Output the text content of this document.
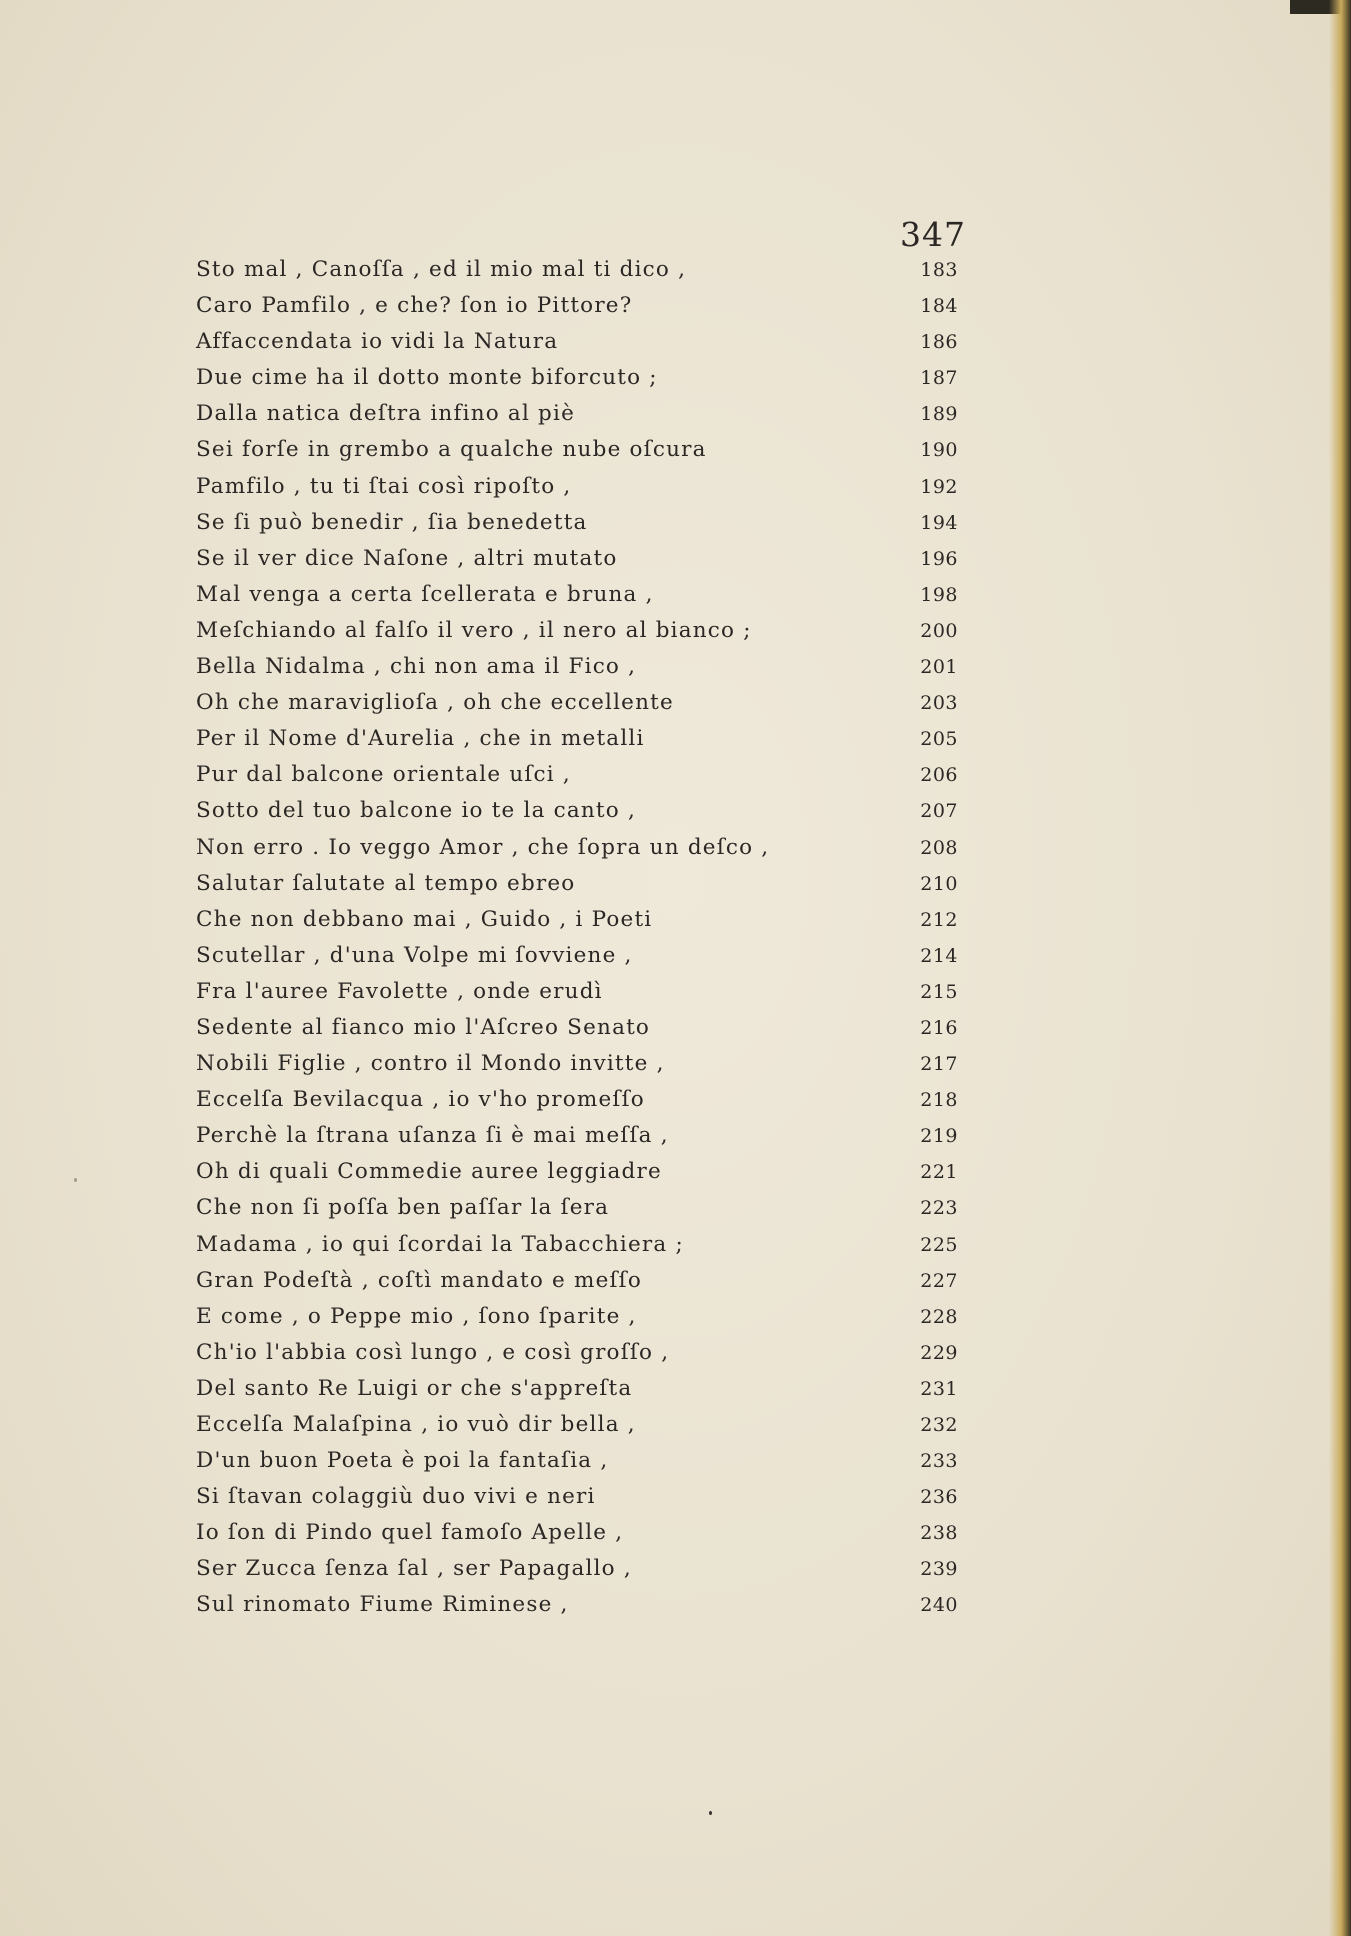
347
Sto mal , Canoſſa , ed il mio mal ti dico ,	183
Caro Pamfilo , e che? ſon io Pittore?	184
Affaccendata io vidi la Natura	186
Due cime ha il dotto monte biforcuto ;	187
Dalla natica deſtra infino al piè	189
Sei forſe in grembo a qualche nube oſcura	190
Pamfilo , tu ti ſtai così ripoſto ,	192
Se ſi può benedir , ſia benedetta	194
Se il ver dice Naſone , altri mutato	196
Mal venga a certa ſcellerata e bruna ,	198
Meſchiando al falſo il vero , il nero al bianco ;	200
Bella Nidalma , chi non ama il Fico ,	201
Oh che maraviglioſa , oh che eccellente	203
Per il Nome d'Aurelia , che in metalli	205
Pur dal balcone orientale uſci ,	206
Sotto del tuo balcone io te la canto ,	207
Non erro . Io veggo Amor , che ſopra un deſco ,	208
Salutar ſalutate al tempo ebreo	210
Che non debbano mai , Guido , i Poeti	212
Scutellar , d'una Volpe mi ſovviene ,	214
Fra l'auree Favolette , onde erudì	215
Sedente al fianco mio l'Aſcreo Senato	216
Nobili Figlie , contro il Mondo invitte ,	217
Eccelſa Bevilacqua , io v'ho promeſſo	218
Perchè la ſtrana uſanza ſi è mai meſſa ,	219
Oh di quali Commedie auree leggiadre	221
Che non ſi poſſa ben paſſar la ſera	223
Madama , io qui ſcordai la Tabacchiera ;	225
Gran Podeſtà , coſtì mandato e meſſo	227
E come , o Peppe mio , ſono ſparite ,	228
Ch'io l'abbia così lungo , e così groſſo ,	229
Del santo Re Luigi or che s'appreſta	231
Eccelſa Malaſpina , io vuò dir bella ,	232
D'un buon Poeta è poi la fantaſia ,	233
Si ſtavan colaggiù duo vivi e neri	236
Io ſon di Pindo quel famoſo Apelle ,	238
Ser Zucca ſenza ſal , ser Papagallo ,	239
Sul rinomato Fiume Riminese ,	240
